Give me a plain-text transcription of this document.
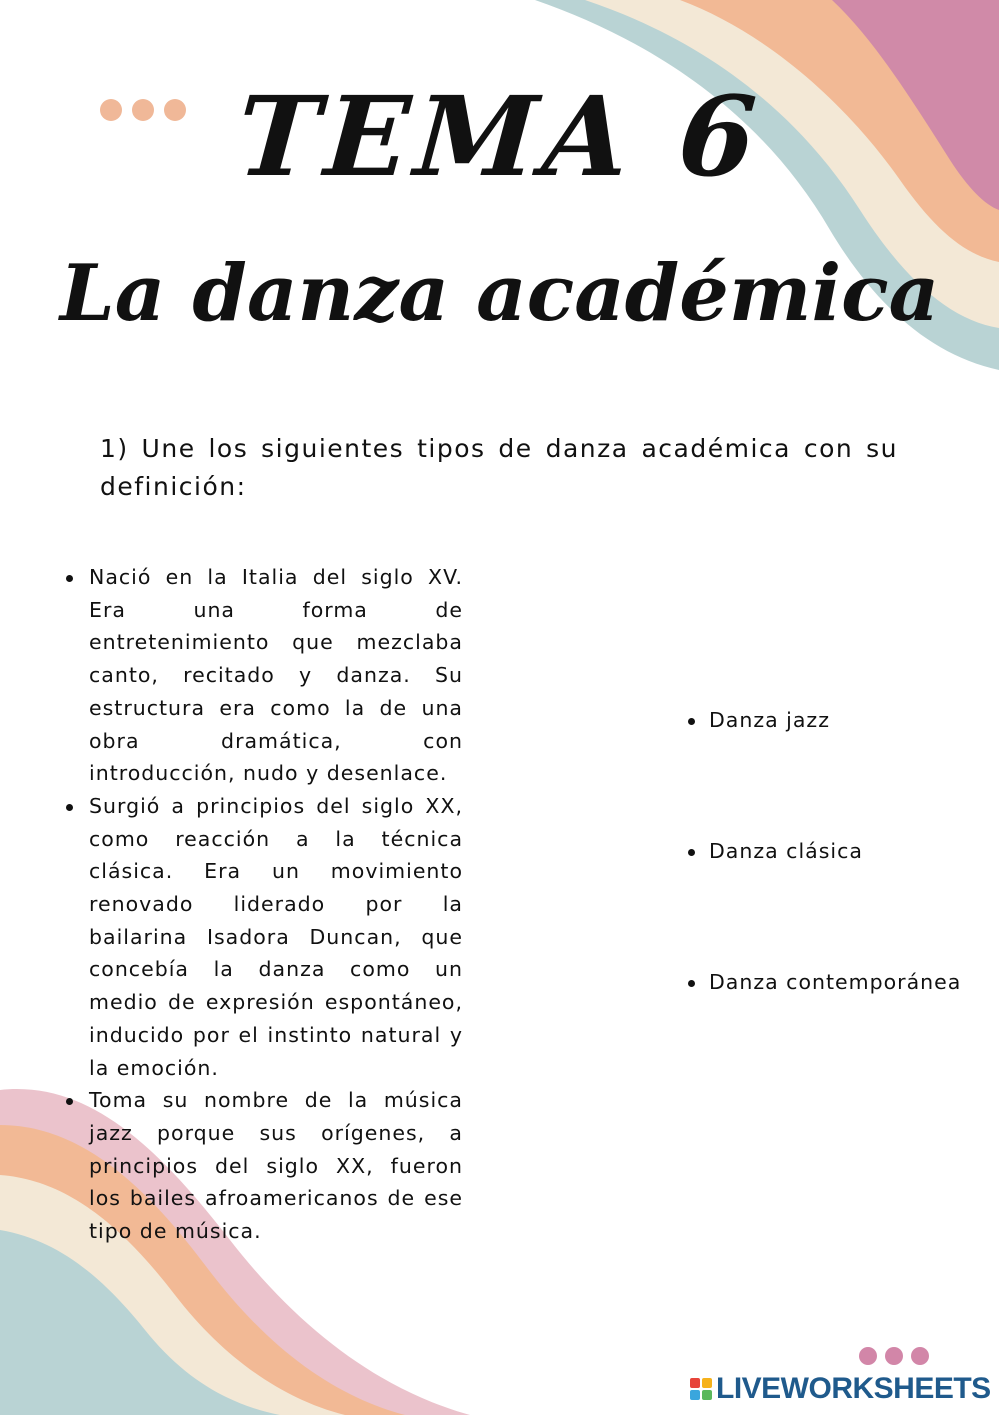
TEMA 6
La danza académica

1) Une los siguientes tipos de danza académica con su definición:

Nació en la Italia del siglo XV. Era una forma de entretenimiento que mezclaba canto, recitado y danza. Su estructura era como la de una obra dramática, con introducción, nudo y desenlace.
Surgió a principios del siglo XX, como reacción a la técnica clásica. Era un movimiento renovado liderado por la bailarina Isadora Duncan, que concebía la danza como un medio de expresión espontáneo, inducido por el instinto natural y la emoción.
Toma su nombre de la música jazz porque sus orígenes, a principios del siglo XX, fueron los bailes afroamericanos de ese tipo de música.
Danza jazz
Danza clásica
Danza contemporánea
LIVEWORKSHEETS
